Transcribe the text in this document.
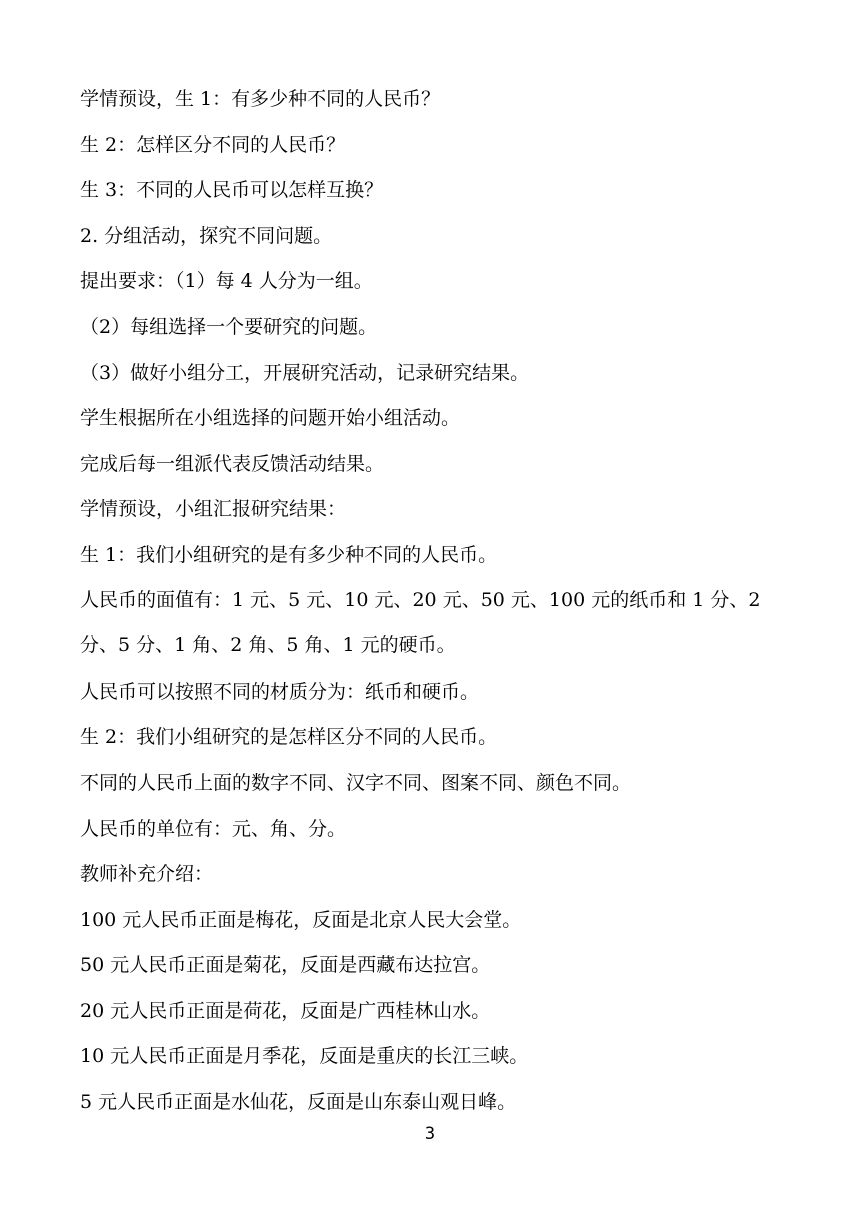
学情预设，生 1：有多少种不同的人民币？
生 2：怎样区分不同的人民币？
生 3：不同的人民币可以怎样互换？
2. 分组活动，探究不同问题。
提出要求：（1）每 4 人分为一组。
（2）每组选择一个要研究的问题。
（3）做好小组分工，开展研究活动，记录研究结果。
学生根据所在小组选择的问题开始小组活动。
完成后每一组派代表反馈活动结果。
学情预设，小组汇报研究结果：
生 1：我们小组研究的是有多少种不同的人民币。
人民币的面值有：1 元、5 元、10 元、20 元、50 元、100 元的纸币和 1 分、2 分、5 分、1 角、2 角、5 角、1 元的硬币。
人民币可以按照不同的材质分为：纸币和硬币。
生 2：我们小组研究的是怎样区分不同的人民币。
不同的人民币上面的数字不同、汉字不同、图案不同、颜色不同。
人民币的单位有：元、角、分。
教师补充介绍：
100 元人民币正面是梅花，反面是北京人民大会堂。
50 元人民币正面是菊花，反面是西藏布达拉宫。
20 元人民币正面是荷花，反面是广西桂林山水。
10 元人民币正面是月季花，反面是重庆的长江三峡。
5 元人民币正面是水仙花，反面是山东泰山观日峰。
3
